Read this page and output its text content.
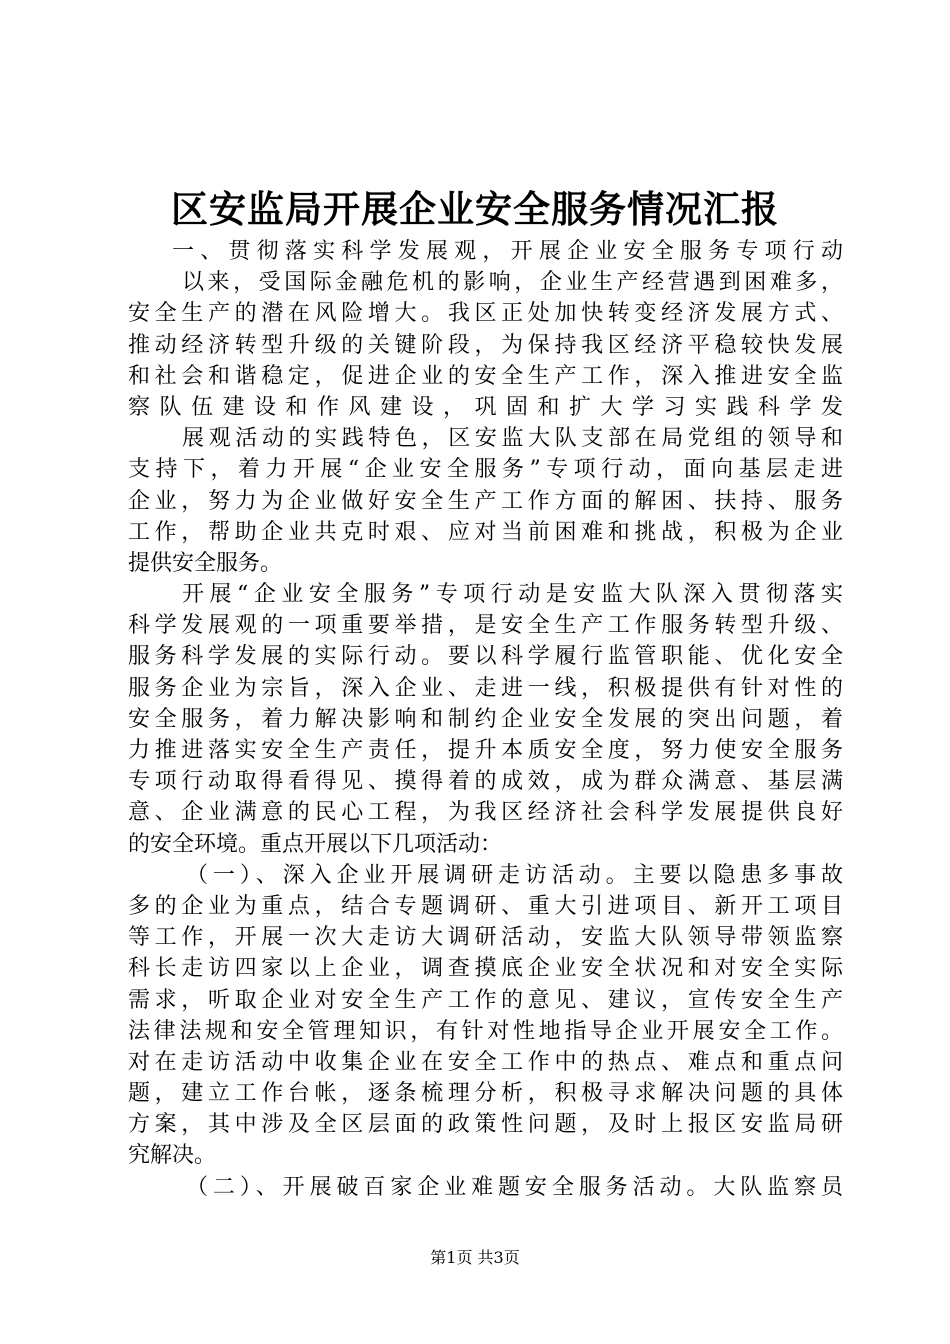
区安监局开展企业安全服务情况汇报
一、贯彻落实科学发展观，开展企业安全服务专项行动
以来，受国际金融危机的影响，企业生产经营遇到困难多，
安全生产的潜在风险增大。我区正处加快转变经济发展方式、
推动经济转型升级的关键阶段，为保持我区经济平稳较快发展
和社会和谐稳定，促进企业的安全生产工作，深入推进安全监
察队伍建设和作风建设，巩固和扩大学习实践科学发
展观活动的实践特色，区安监大队支部在局党组的领导和
支持下，着力开展“企业安全服务”专项行动，面向基层走进
企业，努力为企业做好安全生产工作方面的解困、扶持、服务
工作，帮助企业共克时艰、应对当前困难和挑战，积极为企业
提供安全服务。
开展“企业安全服务”专项行动是安监大队深入贯彻落实
科学发展观的一项重要举措，是安全生产工作服务转型升级、
服务科学发展的实际行动。要以科学履行监管职能、优化安全
服务企业为宗旨，深入企业、走进一线，积极提供有针对性的
安全服务，着力解决影响和制约企业安全发展的突出问题，着
力推进落实安全生产责任，提升本质安全度，努力使安全服务
专项行动取得看得见、摸得着的成效，成为群众满意、基层满
意、企业满意的民心工程，为我区经济社会科学发展提供良好
的安全环境。重点开展以下几项活动：
（一）、深入企业开展调研走访活动。主要以隐患多事故
多的企业为重点，结合专题调研、重大引进项目、新开工项目
等工作，开展一次大走访大调研活动，安监大队领导带领监察
科长走访四家以上企业，调查摸底企业安全状况和对安全实际
需求，听取企业对安全生产工作的意见、建议，宣传安全生产
法律法规和安全管理知识，有针对性地指导企业开展安全工作。
对在走访活动中收集企业在安全工作中的热点、难点和重点问
题，建立工作台帐，逐条梳理分析，积极寻求解决问题的具体
方案，其中涉及全区层面的政策性问题，及时上报区安监局研
究解决。
（二）、开展破百家企业难题安全服务活动。大队监察员
第1页 共3页
